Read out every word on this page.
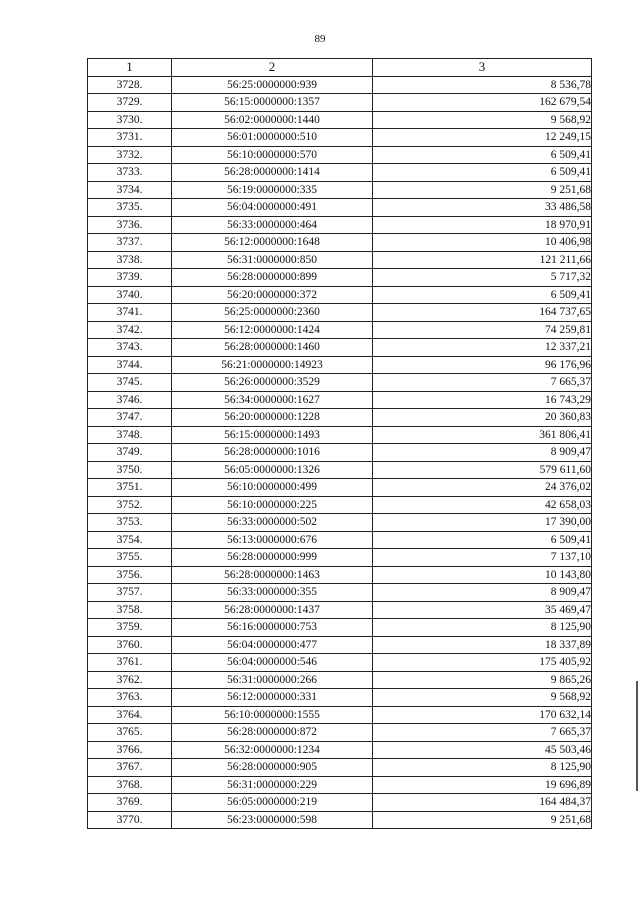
89
1	2	3
3728.	56:25:0000000:939	8 536,78
3729.	56:15:0000000:1357	162 679,54
3730.	56:02:0000000:1440	9 568,92
3731.	56:01:0000000:510	12 249,15
3732.	56:10:0000000:570	6 509,41
3733.	56:28:0000000:1414	6 509,41
3734.	56:19:0000000:335	9 251,68
3735.	56:04:0000000:491	33 486,58
3736.	56:33:0000000:464	18 970,91
3737.	56:12:0000000:1648	10 406,98
3738.	56:31:0000000:850	121 211,66
3739.	56:28:0000000:899	5 717,32
3740.	56:20:0000000:372	6 509,41
3741.	56:25:0000000:2360	164 737,65
3742.	56:12:0000000:1424	74 259,81
3743.	56:28:0000000:1460	12 337,21
3744.	56:21:0000000:14923	96 176,96
3745.	56:26:0000000:3529	7 665,37
3746.	56:34:0000000:1627	16 743,29
3747.	56:20:0000000:1228	20 360,83
3748.	56:15:0000000:1493	361 806,41
3749.	56:28:0000000:1016	8 909,47
3750.	56:05:0000000:1326	579 611,60
3751.	56:10:0000000:499	24 376,02
3752.	56:10:0000000:225	42 658,03
3753.	56:33:0000000:502	17 390,00
3754.	56:13:0000000:676	6 509,41
3755.	56:28:0000000:999	7 137,10
3756.	56:28:0000000:1463	10 143,80
3757.	56:33:0000000:355	8 909,47
3758.	56:28:0000000:1437	35 469,47
3759.	56:16:0000000:753	8 125,90
3760.	56:04:0000000:477	18 337,89
3761.	56:04:0000000:546	175 405,92
3762.	56:31:0000000:266	9 865,26
3763.	56:12:0000000:331	9 568,92
3764.	56:10:0000000:1555	170 632,14
3765.	56:28:0000000:872	7 665,37
3766.	56:32:0000000:1234	45 503,46
3767.	56:28:0000000:905	8 125,90
3768.	56:31:0000000:229	19 696,89
3769.	56:05:0000000:219	164 484,37
3770.	56:23:0000000:598	9 251,68
